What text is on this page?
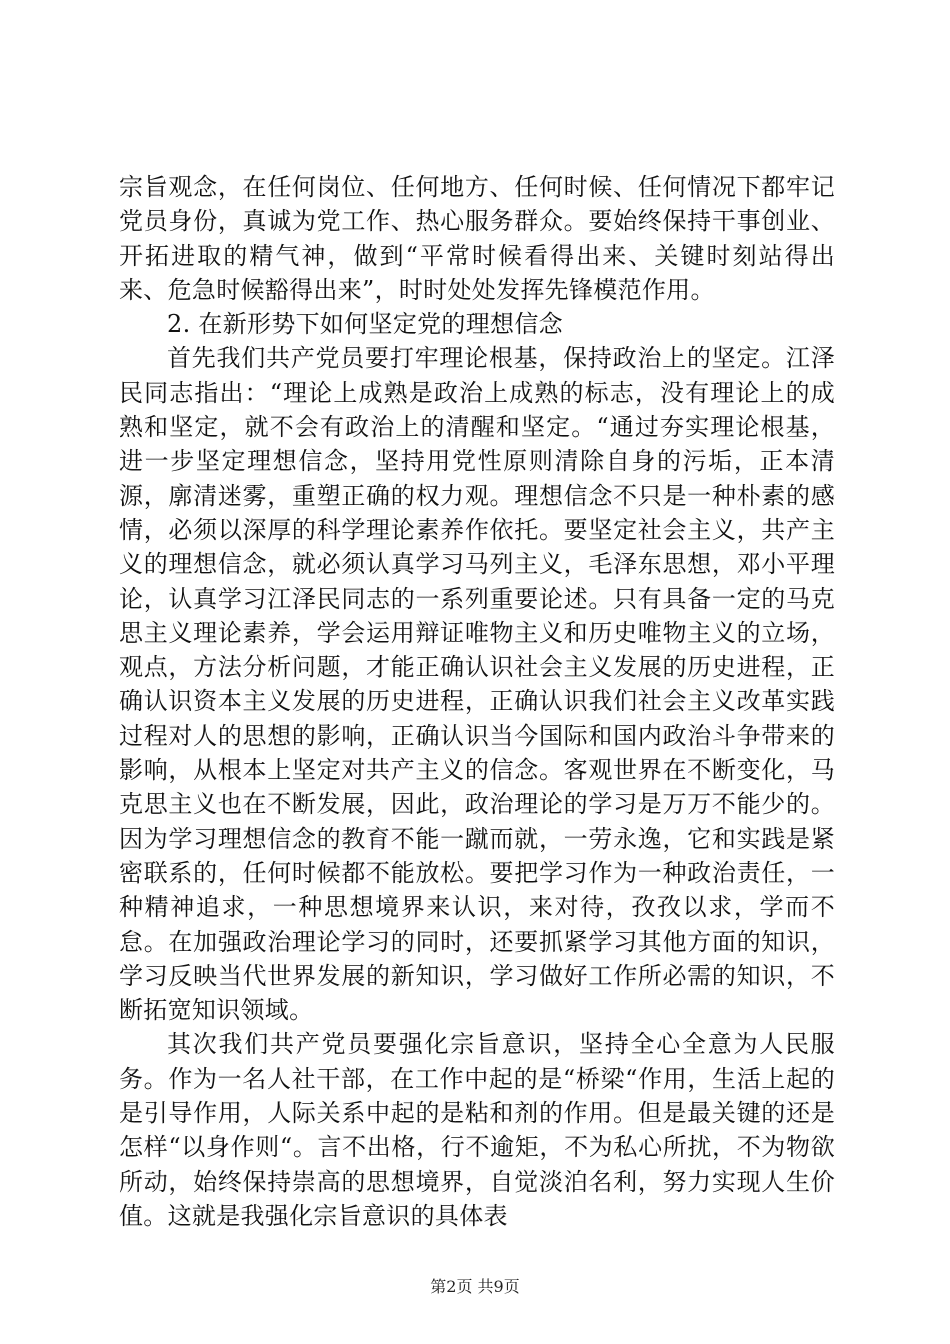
宗旨观念，在任何岗位、任何地方、任何时候、任何情况下都牢记党员身份，真诚为党工作、热心服务群众。要始终保持干事创业、开拓进取的精气神，做到“平常时候看得出来、关键时刻站得出来、危急时候豁得出来”，时时处处发挥先锋模范作用。

2. 在新形势下如何坚定党的理想信念

首先我们共产党员要打牢理论根基，保持政治上的坚定。江泽民同志指出：“理论上成熟是政治上成熟的标志，没有理论上的成熟和坚定，就不会有政治上的清醒和坚定。“通过夯实理论根基，进一步坚定理想信念，坚持用党性原则清除自身的污垢，正本清源，廓清迷雾，重塑正确的权力观。理想信念不只是一种朴素的感情，必须以深厚的科学理论素养作依托。要坚定社会主义，共产主义的理想信念，就必须认真学习马列主义，毛泽东思想，邓小平理论，认真学习江泽民同志的一系列重要论述。只有具备一定的马克思主义理论素养，学会运用辩证唯物主义和历史唯物主义的立场，观点，方法分析问题，才能正确认识社会主义发展的历史进程，正确认识资本主义发展的历史进程，正确认识我们社会主义改革实践过程对人的思想的影响，正确认识当今国际和国内政治斗争带来的影响，从根本上坚定对共产主义的信念。客观世界在不断变化，马克思主义也在不断发展，因此，政治理论的学习是万万不能少的。因为学习理想信念的教育不能一蹴而就，一劳永逸，它和实践是紧密联系的，任何时候都不能放松。要把学习作为一种政治责任，一种精神追求，一种思想境界来认识，来对待，孜孜以求，学而不怠。在加强政治理论学习的同时，还要抓紧学习其他方面的知识，学习反映当代世界发展的新知识，学习做好工作所必需的知识，不断拓宽知识领域。

其次我们共产党员要强化宗旨意识，坚持全心全意为人民服务。作为一名人社干部，在工作中起的是“桥梁“作用，生活上起的是引导作用，人际关系中起的是粘和剂的作用。但是最关键的还是怎样“以身作则“。言不出格，行不逾矩，不为私心所扰，不为物欲所动，始终保持崇高的思想境界，自觉淡泊名利，努力实现人生价值。这就是我强化宗旨意识的具体表

第2页 共9页
